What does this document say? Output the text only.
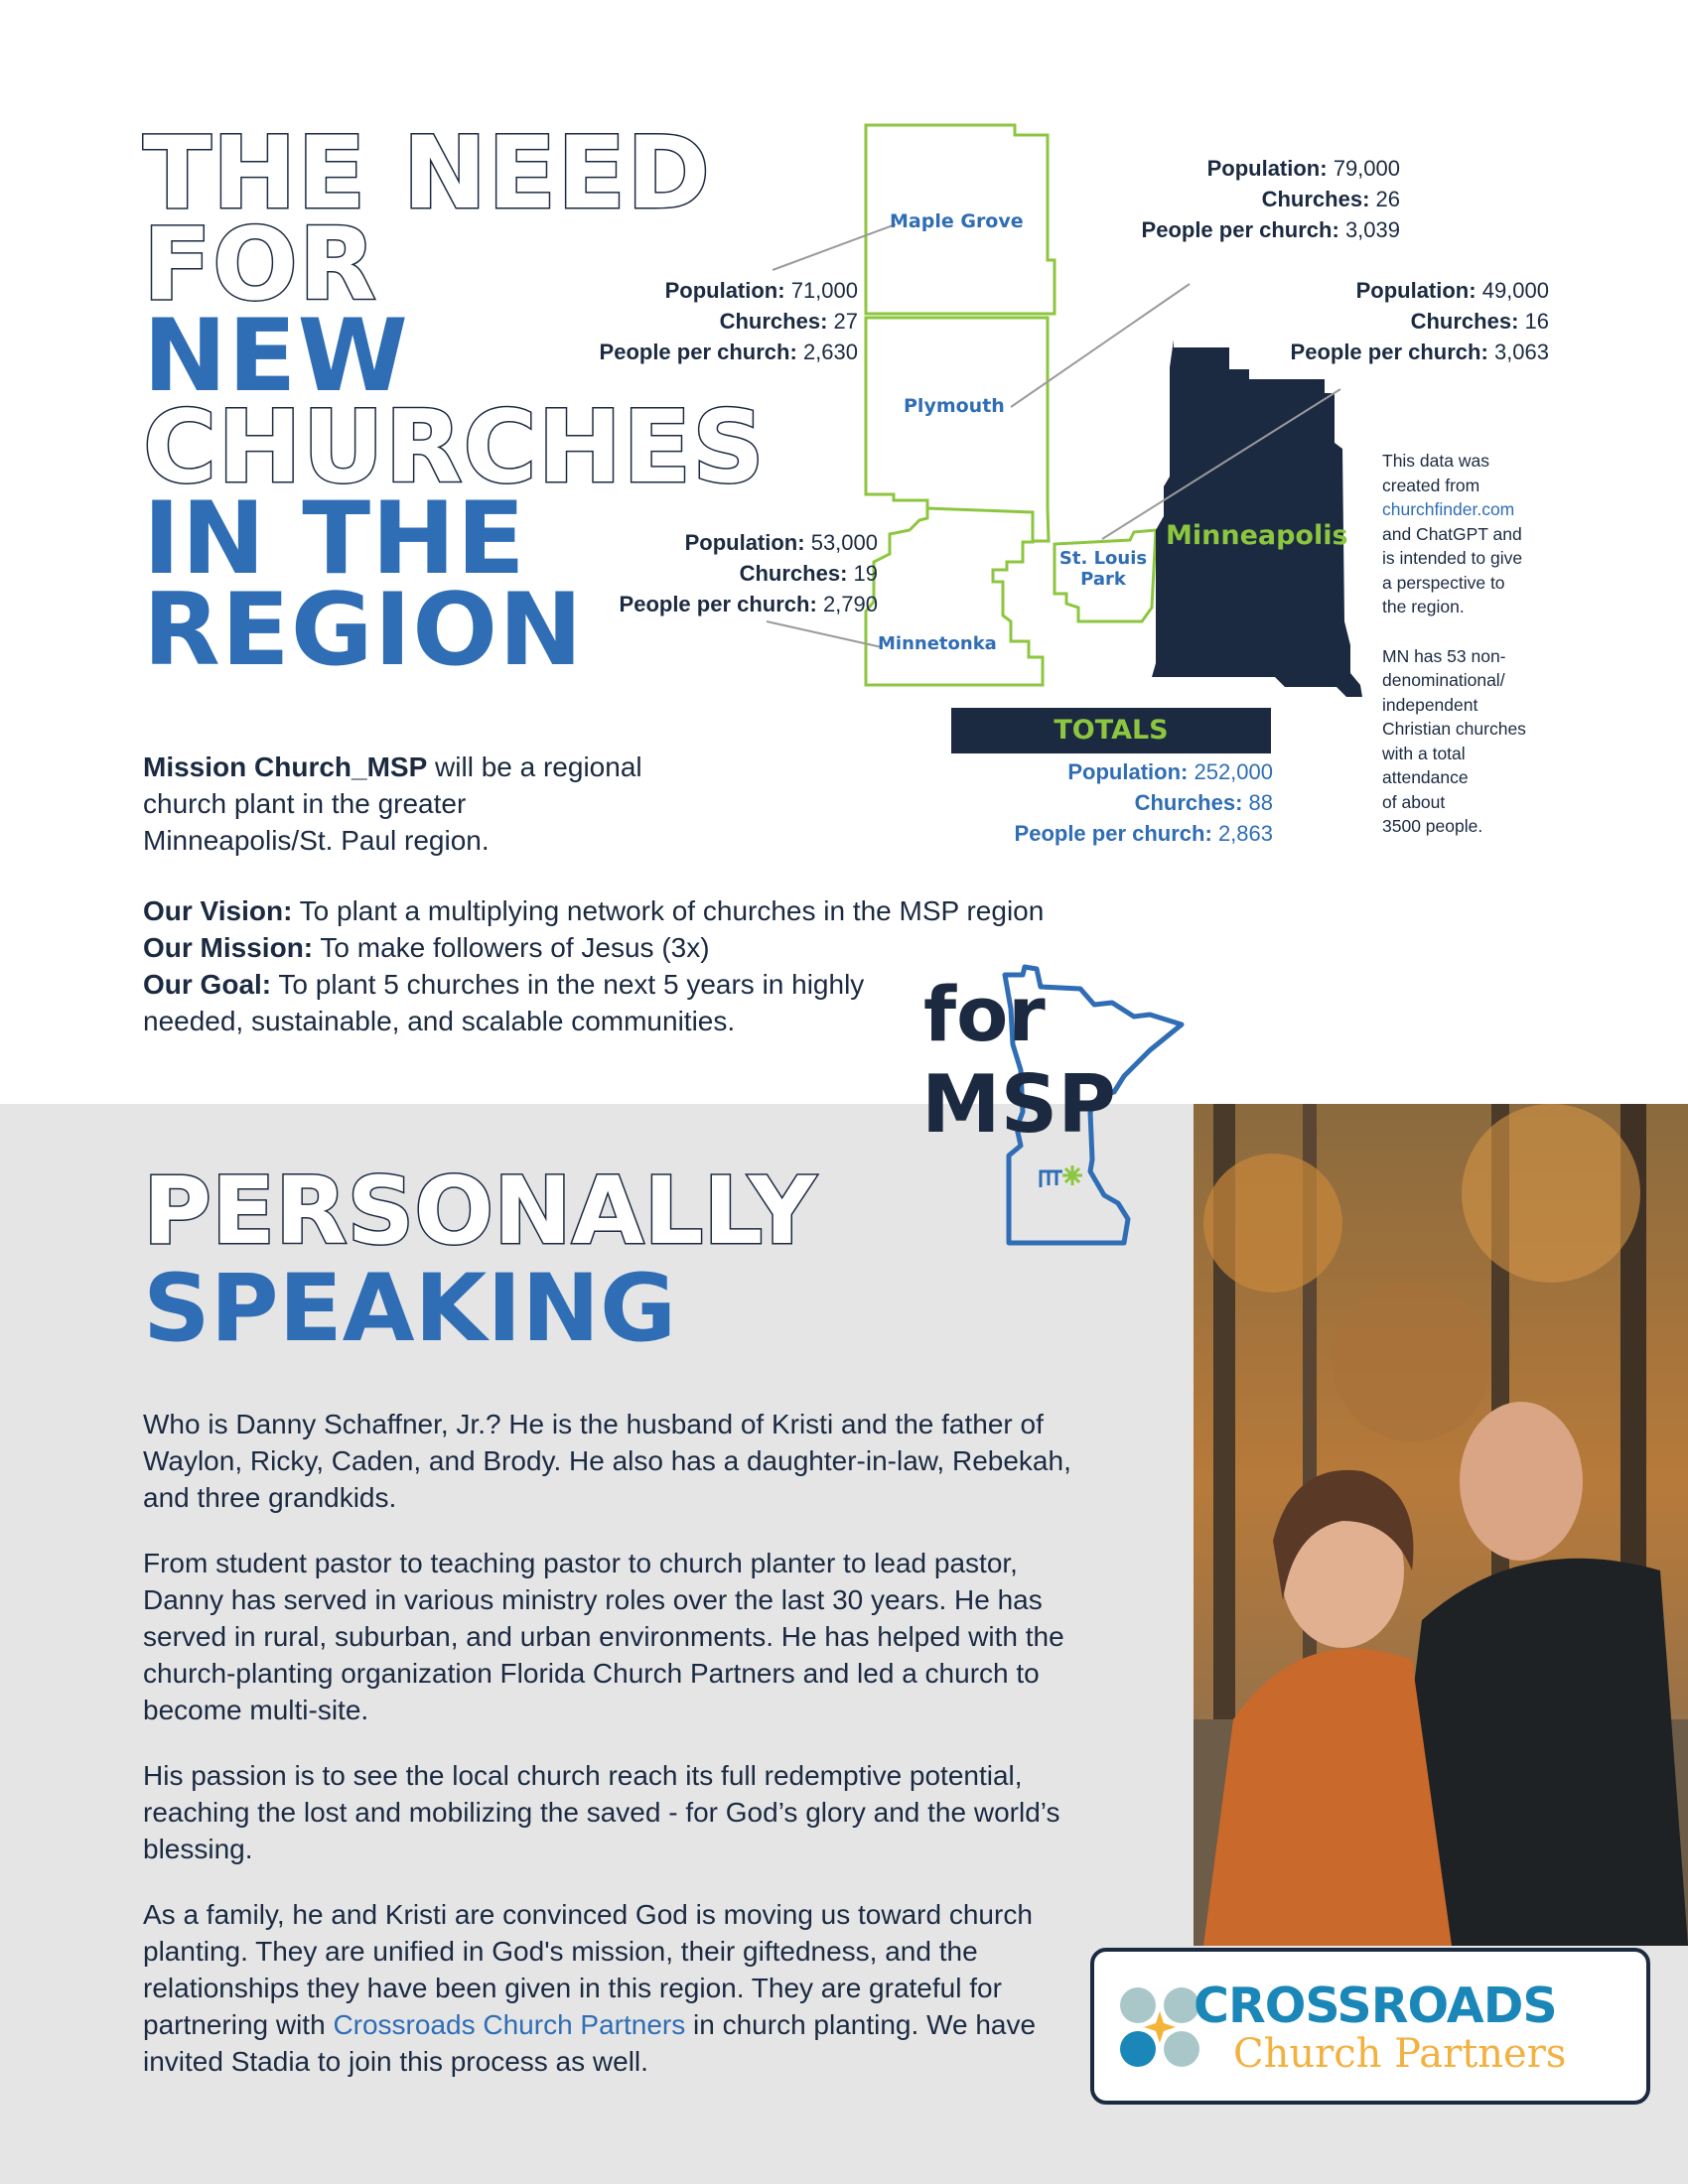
THE NEED
FOR
NEW
CHURCHES
IN THE
REGION
Maple Grove
Plymouth
Minnetonka
St. Louis
Park
Minneapolis
Population: 71,000
Churches: 27
People per church: 2,630
Population: 79,000
Churches: 26
People per church: 3,039
Population: 49,000
Churches: 16
People per church: 3,063
Population: 53,000
Churches: 19
People per church: 2,790
TOTALS
Population: 252,000
Churches: 88
People per church: 2,863
This data was
created from
churchfinder.com
and ChatGPT and
is intended to give
a perspective to
the region.
MN has 53 non-
denominational/
independent
Christian churches
with a total
attendance
of about
3500 people.
Mission Church_MSP will be a regional church plant in the greater Minneapolis/St. Paul region.
Our Vision: To plant a multiplying network of churches in the MSP region
Our Mission: To make followers of Jesus (3x)
Our Goal: To plant 5 churches in the next 5 years in highly needed, sustainable, and scalable communities.	for
MSP
PERSONALLY
SPEAKING
Who is Danny Schaffner, Jr.? He is the husband of Kristi and the father of Waylon, Ricky, Caden, and Brody. He also has a daughter-in-law, Rebekah, and three grandkids.
From student pastor to teaching pastor to church planter to lead pastor, Danny has served in various ministry roles over the last 30 years. He has served in rural, suburban, and urban environments. He has helped with the church-planting organization Florida Church Partners and led a church to become multi-site.
His passion is to see the local church reach its full redemptive potential, reaching the lost and mobilizing the saved - for God’s glory and the world’s blessing.
As a family, he and Kristi are convinced God is moving us toward church planting. They are unified in God's mission, their giftedness, and the relationships they have been given in this region. They are grateful for partnering with Crossroads Church Partners in church planting. We have invited Stadia to join this process as well.
CROSSROADS
Church Partners
